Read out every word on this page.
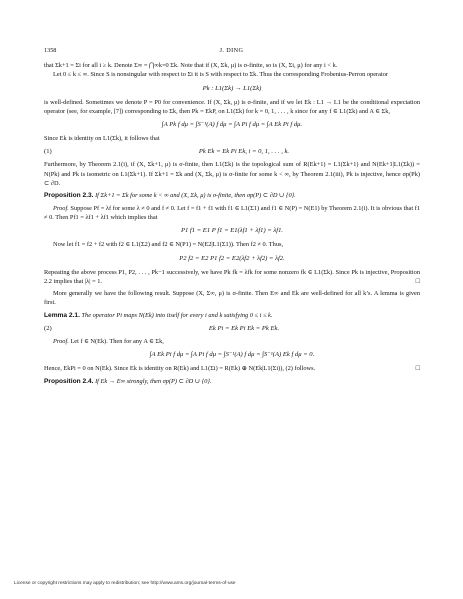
1358	J. DING

that Σk+1 = Σi for all i ≥ k. Denote Σ∞ = ⋂∞k=0 Σk. Note that if (X, Σk, μ) is σ-finite, so is (X, Σi, μ) for any i < k.

Let 0 ≤ k ≤ ∞. Since S is nonsingular with respect to Σi it is S with respect to Σk. Thus the corresponding Frobenius-Perron operator

Pk : L1(Σk) → L1(Σk)

is well-defined. Sometimes we denote P = P0 for convenience. If (X, Σk, μ) is σ-finite, and if we let Ek : L1 → L1 be the conditional expectation operator (see, for example, [7]) corresponding to Σk, then Pk = EkP, on L1(Σk) for k = 0, 1, . . . , k since for any f ∈ L1(Σk) and A ∈ Σk,

∫A Pk f dμ = ∫S⁻¹(A) f dμ = ∫A Pi f dμ = ∫A Ek Pi f dμ.

Since Ek is identity on L1(Σk), it follows that

(1)	Pk Ek = Ek Pi Ek, i = 0, 1, . . . , k.

Furthermore, by Theorem 2.1(i), if (X, Σk+1, μ) is σ-finite, then L1(Σk) is the topological sum of R(Ek+1) = L1(Σk+1) and N(Ek+1|L1(Σk)) = N(Pk) and Pk is isometric on L1(Σk+1). If Σk+1 = Σk and (X, Σk, μ) is σ-finite for some k < ∞, by Theorem 2.1(iii), Pk is injective, hence σp(Pk) ⊂ ∂D.

Proposition 2.3. If Σk+1 = Σk for some k < ∞ and (X, Σk, μ) is σ-finite, then σp(P) ⊂ ∂D ∪ {0}.

Proof. Suppose Pf = λf for some λ ≠ 0 and f ≠ 0. Let f = f1 + f1 with f1 ∈ L1(Σ1) and f1 ∈ N(P) = N(E1) by Theorem 2.1(i). It is obvious that f1 ≠ 0. Then Pf1 = λf1 + λf1 which implies that

P1 f1 = E1 P f1 = E1(λf1 + λf1) = λf1.

Now let f1 = f2 + f2 with f2 ∈ L1(Σ2) and f2 ∈ N(P1) = N(E2|L1(Σ1)). Then f2 ≠ 0. Thus,

P2 f2 = E2 P1 f2 = E2(λf2 + λf2) = λf2.

Repeating the above process P1, P2, . . . , Pk−1 successively, we have Pk fk = λfk for some nonzero fk ∈ L1(Σk). Since Pk is injective, Proposition 2.2 implies that |λ| = 1.	□

More generally we have the following result. Suppose (X, Σ∞, μ) is σ-finite. Then E∞ and Ek are well-defined for all k’s. A lemma is given first.

Lemma 2.1. The operator Pi maps N(Ek) into itself for every i and k satisfying 0 ≤ i ≤ k.

(2)	Ek Pi = Ek Pi Ek = Pk Ek.

Proof. Let f ∈ N(Ek). Then for any A ∈ Σk,

∫A Ek Pi f dμ = ∫A Pi f dμ = ∫S⁻¹(A) f dμ = ∫S⁻¹(A) Ek f dμ = 0.

Hence, EkPi = 0 on N(Ek). Since Ek is identity on R(Ek) and L1(Σi) = R(Ek) ⊕ N(Ek|L1(Σi)), (2) follows.	□

Proposition 2.4. If Ek → E∞ strongly, then σp(P) ⊂ ∂D ∪ {0}.

License or copyright restrictions may apply to redistribution; see http://www.ams.org/journal-terms-of-use
